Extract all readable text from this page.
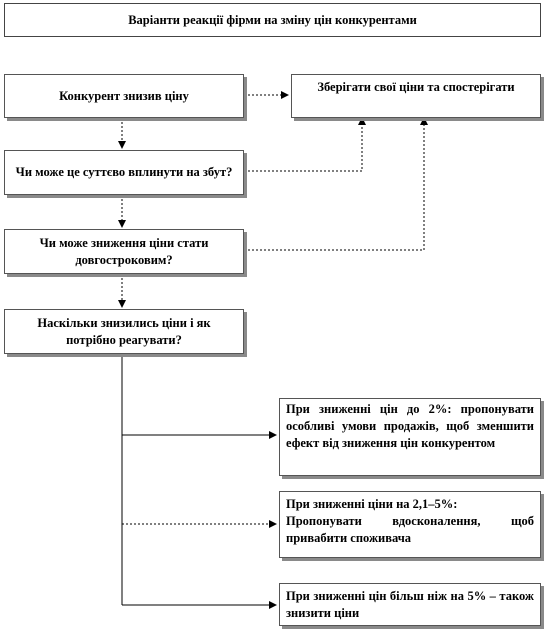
Варіанти реакції фірми на зміну цін конкурентами
Конкурент знизив ціну
Зберігати свої ціни та спостерігати
Чи може це суттєво вплинути на збут?
Чи може зниження ціни стати довгостроковим?
Наскільки знизились ціни і як потрібно реагувати?
При зниженні цін до 2%: пропонувати особливі умови продажів, щоб зменшити ефект від зниження цін конкурентом
При зниженні ціни на 2,1–5%:
Пропонувати вдосконалення, щоб привабити споживача
При зниженні цін більш ніж на 5% – також знизити ціни
